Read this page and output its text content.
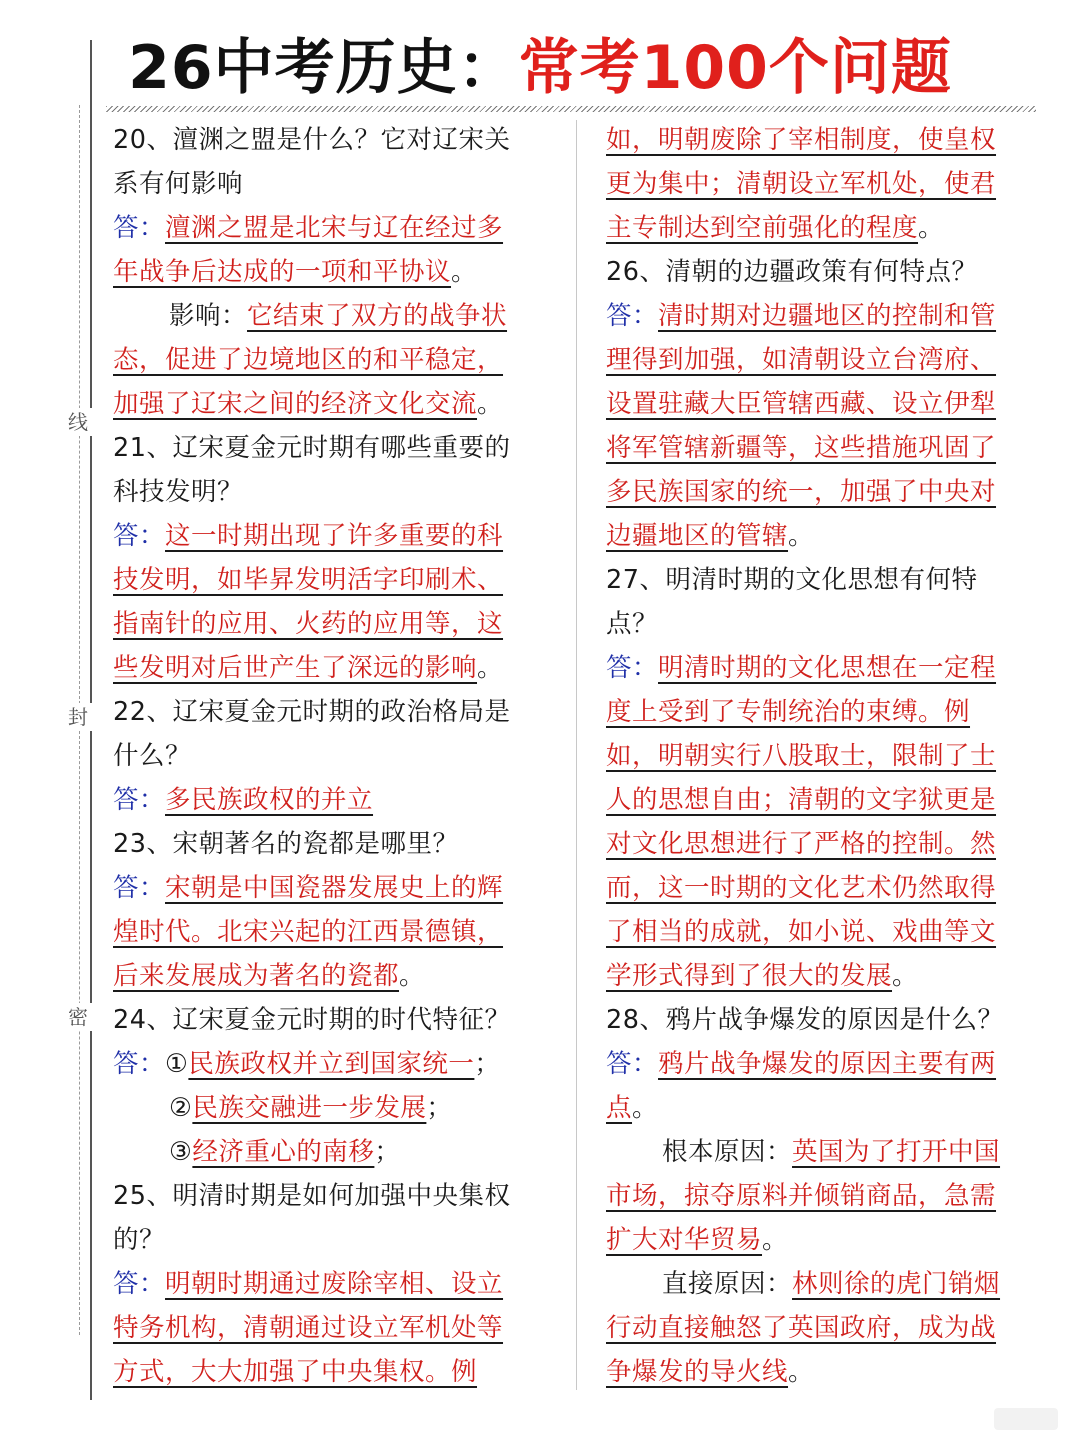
26中考历史：常考100个问题
线
封
密
20、澶渊之盟是什么？它对辽宋关
系有何影响
答：澶渊之盟是北宋与辽在经过多
年战争后达成的一项和平协议。
影响：它结束了双方的战争状
态，促进了边境地区的和平稳定，
加强了辽宋之间的经济文化交流。
21、辽宋夏金元时期有哪些重要的
科技发明？
答：这一时期出现了许多重要的科
技发明，如毕昇发明活字印刷术、
指南针的应用、火药的应用等，这
些发明对后世产生了深远的影响。
22、辽宋夏金元时期的政治格局是
什么？
答：多民族政权的并立
23、宋朝著名的瓷都是哪里？
答：宋朝是中国瓷器发展史上的辉
煌时代。北宋兴起的江西景德镇，
后来发展成为著名的瓷都。
24、辽宋夏金元时期的时代特征？
答：①民族政权并立到国家统一；
②民族交融进一步发展；
③经济重心的南移；
25、明清时期是如何加强中央集权
的？
答：明朝时期通过废除宰相、设立
特务机构，清朝通过设立军机处等
方式，大大加强了中央集权。例
如，明朝废除了宰相制度，使皇权
更为集中；清朝设立军机处，使君
主专制达到空前强化的程度。
26、清朝的边疆政策有何特点？
答：清时期对边疆地区的控制和管
理得到加强，如清朝设立台湾府、
设置驻藏大臣管辖西藏、设立伊犁
将军管辖新疆等，这些措施巩固了
多民族国家的统一，加强了中央对
边疆地区的管辖。
27、明清时期的文化思想有何特
点？
答：明清时期的文化思想在一定程
度上受到了专制统治的束缚。例
如，明朝实行八股取士，限制了士
人的思想自由；清朝的文字狱更是
对文化思想进行了严格的控制。然
而，这一时期的文化艺术仍然取得
了相当的成就，如小说、戏曲等文
学形式得到了很大的发展。
28、鸦片战争爆发的原因是什么？
答：鸦片战争爆发的原因主要有两
点。
根本原因：英国为了打开中国
市场，掠夺原料并倾销商品，急需
扩大对华贸易。
直接原因：林则徐的虎门销烟
行动直接触怒了英国政府，成为战
争爆发的导火线。
